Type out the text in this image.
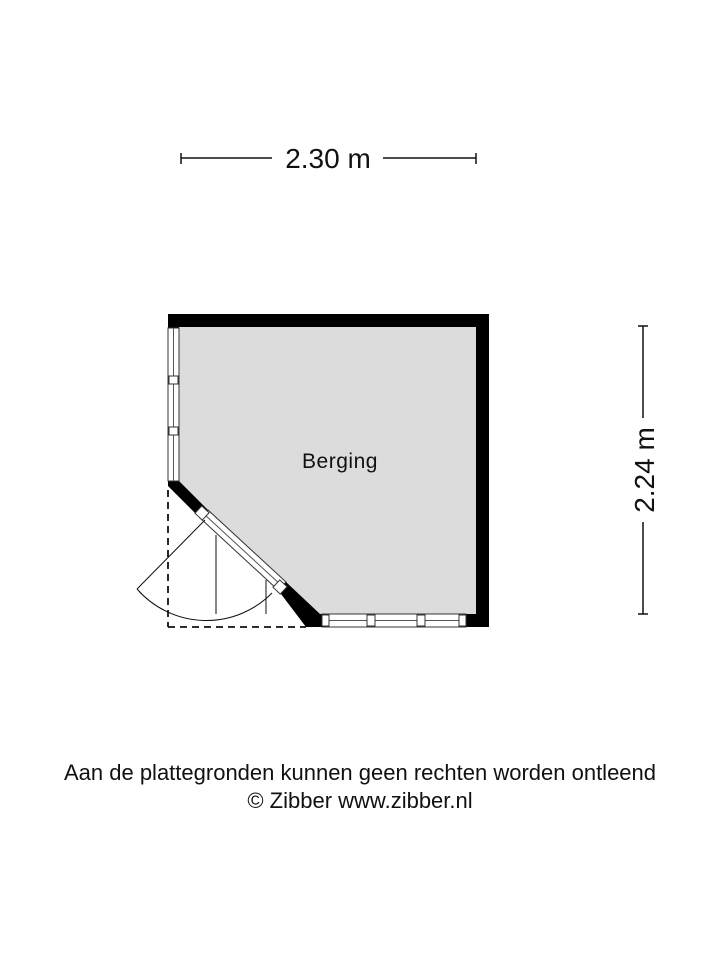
2.30 m
2.24 m
Berging
Aan de plattegronden kunnen geen rechten worden ontleend
© Zibber www.zibber.nl
